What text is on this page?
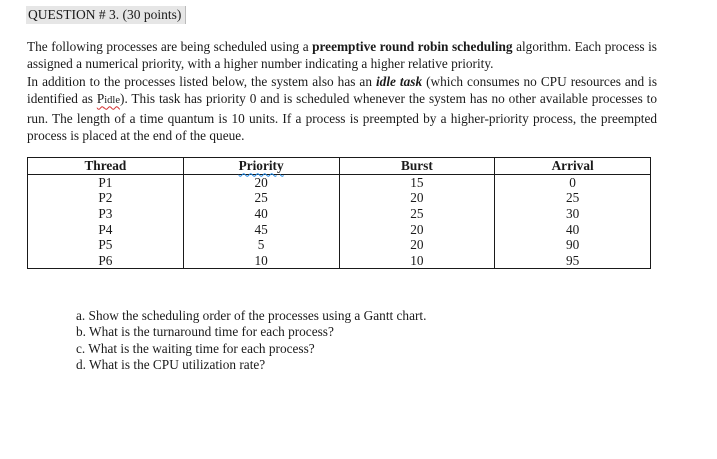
QUESTION # 3. (30 points)

The following processes are being scheduled using a preemptive round robin scheduling algorithm. Each process is assigned a numerical priority, with a higher number indicating a higher relative priority.

In addition to the processes listed below, the system also has an idle task (which consumes no CPU resources and is identified as Pidle). This task has priority 0 and is scheduled whenever the system has no other available processes to run. The length of a time quantum is 10 units. If a process is preempted by a higher-priority process, the preempted process is placed at the end of the queue.

Thread	Priority	Burst	Arrival
P1	20	15	0
P2	25	20	25
P3	40	25	30
P4	45	20	40
P5	5	20	90
P6	10	10	95
a. Show the scheduling order of the processes using a Gantt chart.
b. What is the turnaround time for each process?
c. What is the waiting time for each process?
d. What is the CPU utilization rate?
